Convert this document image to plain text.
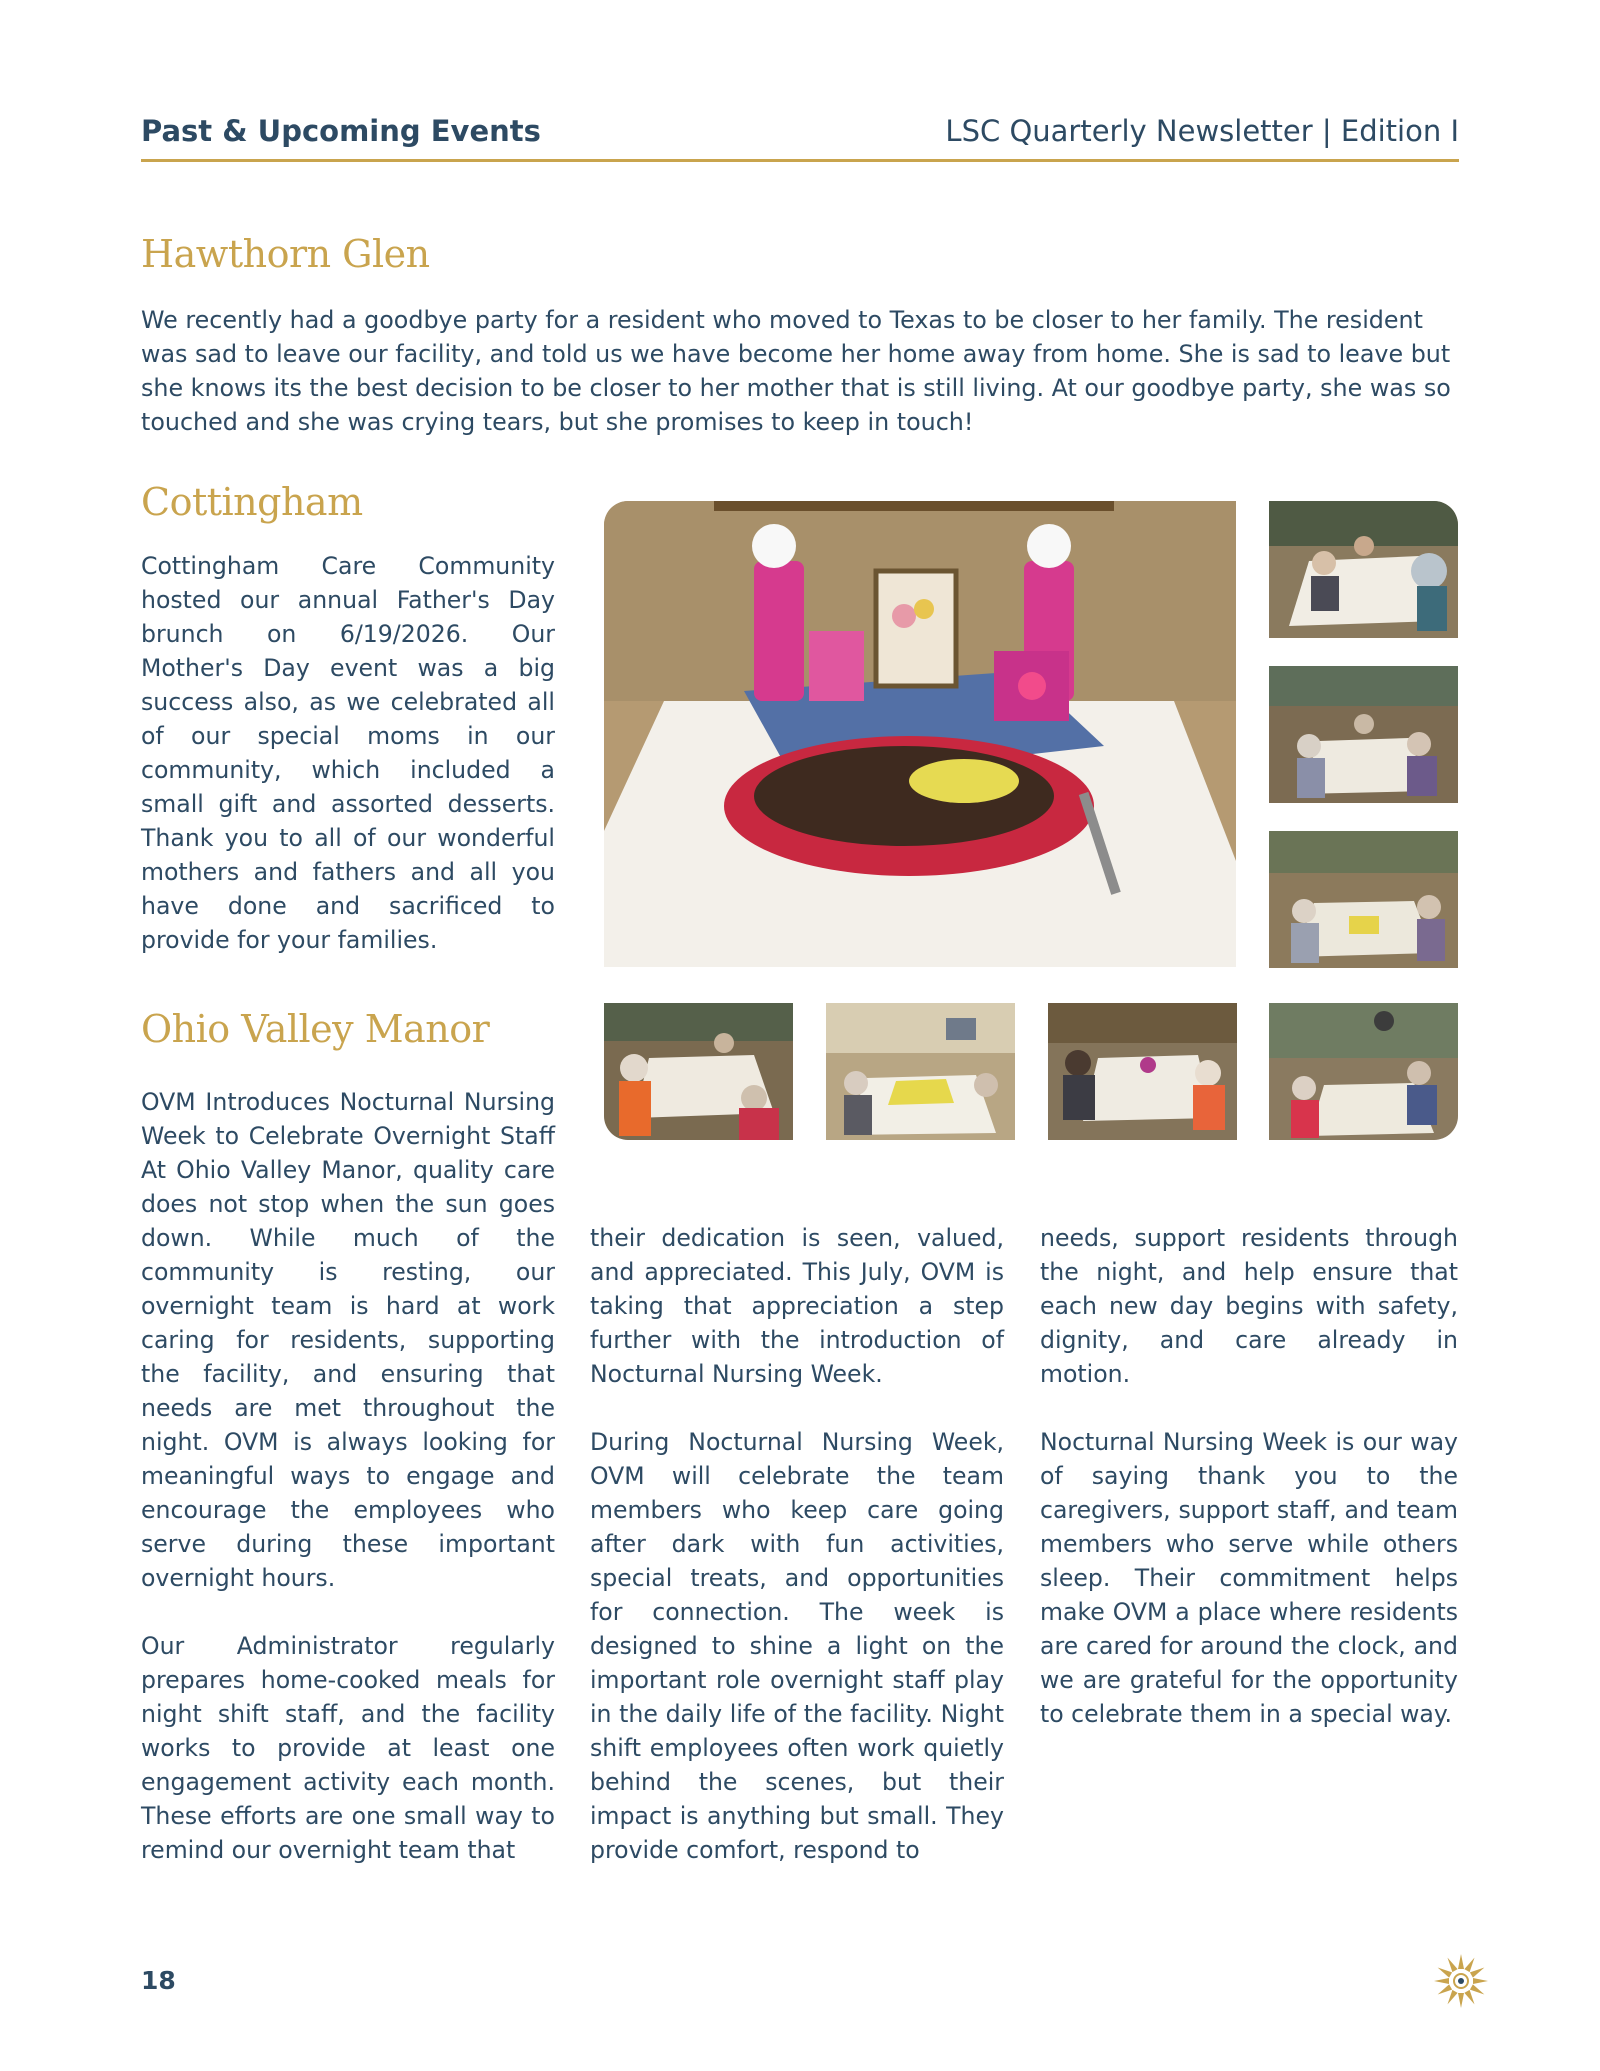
Past & Upcoming Events	LSC Quarterly Newsletter | Edition I
Hawthorn Glen
We recently had a goodbye party for a resident who moved to Texas to be closer to her family. The resident was sad to leave our facility, and told us we have become her home away from home. She is sad to leave but she knows its the best decision to be closer to her mother that is still living. At our goodbye party, she was so touched and she was crying tears, but she promises to keep in touch!
Cottingham
Cottingham Care Community hosted our annual Father's Day brunch on 6/19/2026. Our Mother's Day event was a big success also, as we celebrated all of our special moms in our community, which included a small gift and assorted desserts. Thank you to all of our wonderful mothers and fathers and all you have done and sacrificed to provide for your families.
Ohio Valley Manor
OVM Introduces Nocturnal Nursing Week to Celebrate Overnight Staff At Ohio Valley Manor, quality care does not stop when the sun goes down. While much of the community is resting, our overnight team is hard at work caring for residents, supporting the facility, and ensuring that needs are met throughout the night. OVM is always looking for meaningful ways to engage and encourage the employees who serve during these important overnight hours.

Our Administrator regularly prepares home-cooked meals for night shift staff, and the facility works to provide at least one engagement activity each month. These efforts are one small way to remind our overnight team that
their dedication is seen, valued, and appreciated. This July, OVM is taking that appreciation a step further with the introduction of Nocturnal Nursing Week.

During Nocturnal Nursing Week, OVM will celebrate the team members who keep care going after dark with fun activities, special treats, and opportunities for connection. The week is designed to shine a light on the important role overnight staff play in the daily life of the facility. Night shift employees often work quietly behind the scenes, but their impact is anything but small. They provide comfort, respond to
needs, support residents through the night, and help ensure that each new day begins with safety, dignity, and care already in motion.

Nocturnal Nursing Week is our way of saying thank you to the caregivers, support staff, and team members who serve while others sleep. Their commitment helps make OVM a place where residents are cared for around the clock, and we are grateful for the opportunity to celebrate them in a special way.
18
